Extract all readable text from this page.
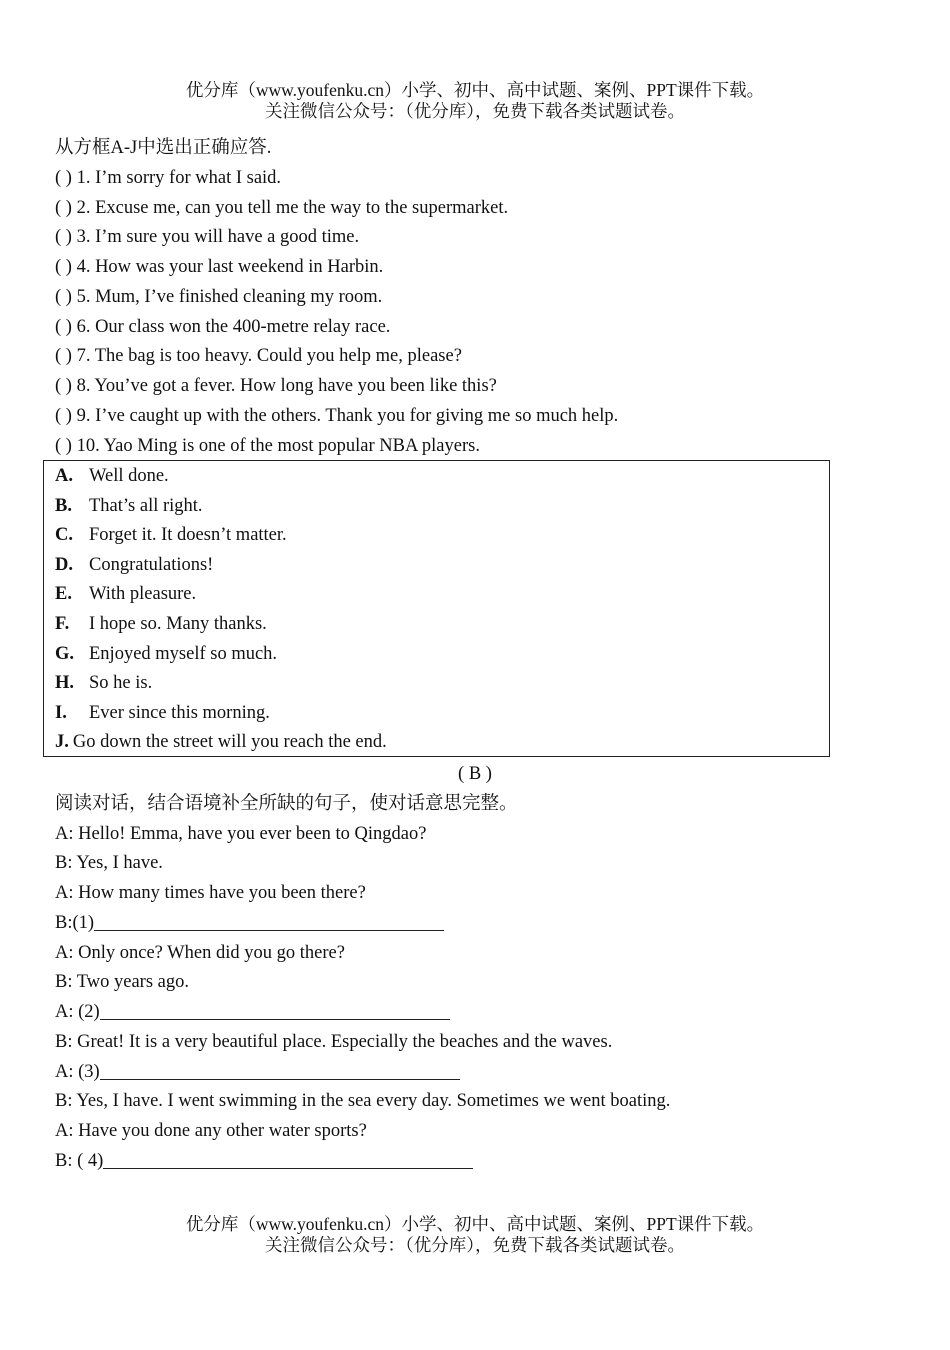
优分库（www.youfenku.cn）小学、初中、高中试题、案例、PPT课件下载。
关注微信公众号：（优分库），免费下载各类试题试卷。
从方框A-J中选出正确应答.
( ) 1. I’m sorry for what I said.
( ) 2. Excuse me, can you tell me the way to the supermarket.
( ) 3. I’m sure you will have a good time.
( ) 4. How was your last weekend in Harbin.
( ) 5. Mum, I’ve finished cleaning my room.
( ) 6. Our class won the 400-metre relay race.
( ) 7. The bag is too heavy. Could you help me, please?
( ) 8. You’ve got a fever. How long have you been like this?
( ) 9. I’ve caught up with the others. Thank you for giving me so much help.
( ) 10. Yao Ming is one of the most popular NBA players.
A. Well done.
B. That’s all right.
C. Forget it. It doesn’t matter.
D. Congratulations!
E. With pleasure.
F. I hope so. Many thanks.
G. Enjoyed myself so much.
H. So he is.
I. Ever since this morning.
J. Go down the street will you reach the end.
( B )
阅读对话，结合语境补全所缺的句子，使对话意思完整。
A: Hello! Emma, have you ever been to Qingdao?
B: Yes, I have.
A: How many times have you been there?
B:(1)
A: Only once? When did you go there?
B: Two years ago.
A: (2)
B: Great! It is a very beautiful place. Especially the beaches and the waves.
A: (3)
B: Yes, I have. I went swimming in the sea every day. Sometimes we went boating.
A: Have you done any other water sports?
B: ( 4)
优分库（www.youfenku.cn）小学、初中、高中试题、案例、PPT课件下载。
关注微信公众号：（优分库），免费下载各类试题试卷。
